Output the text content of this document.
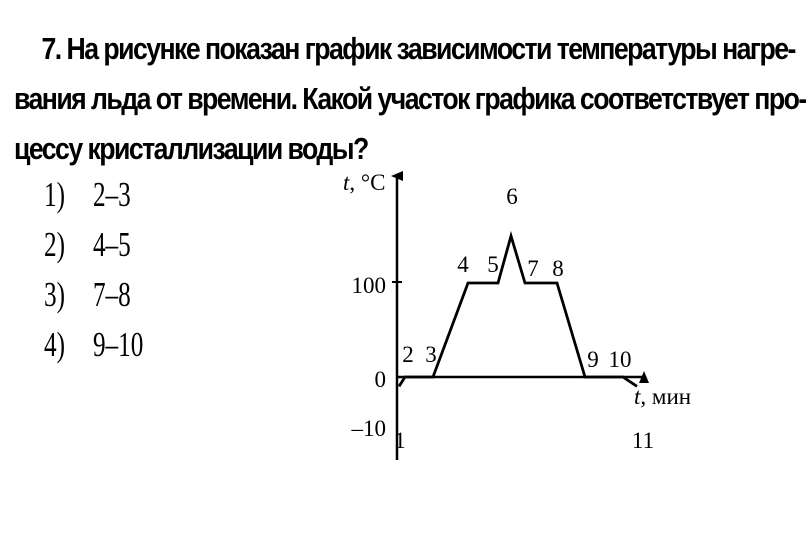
7. На рисунке показан график зависимости температуры нагре-
вания льда от времени. Какой участок графика соответствует про-
цессу кристаллизации воды?
1) 2–3
2) 4–5
3) 7–8
4) 9–10
1
2 3
4 5
6
7 8
9 10
11
100
0
–10
t, °С
t, мин
